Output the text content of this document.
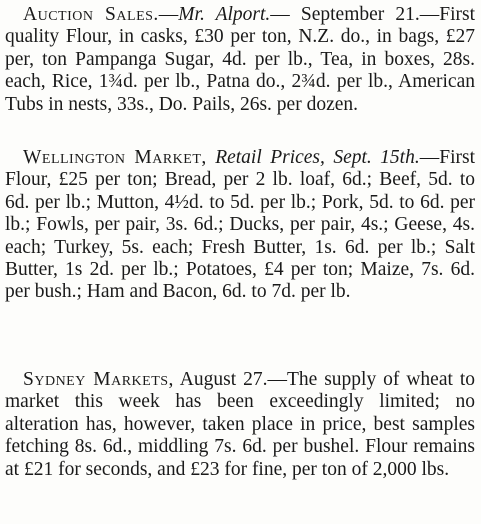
Auction Sales.—Mr. Alport.— September 21.—First quality Flour, in casks, £30 per ton, N.Z. do., in bags, £27 per, ton Pampanga Sugar, 4d. per lb., Tea, in boxes, 28s. each, Rice, 1¾d. per lb., Patna do., 2¾d. per lb., American Tubs in nests, 33s., Do. Pails, 26s. per dozen.

Wellington Market, Retail Prices, Sept. 15th.—First Flour, £25 per ton; Bread, per 2 lb. loaf, 6d.; Beef, 5d. to 6d. per lb.; Mutton, 4½d. to 5d. per lb.; Pork, 5d. to 6d. per lb.; Fowls, per pair, 3s. 6d.; Ducks, per pair, 4s.; Geese, 4s. each; Turkey, 5s. each; Fresh Butter, 1s. 6d. per lb.; Salt Butter, 1s 2d. per lb.; Potatoes, £4 per ton; Maize, 7s. 6d. per bush.; Ham and Bacon, 6d. to 7d. per lb.

Sydney Markets, August 27.—The supply of wheat to market this week has been exceedingly limited; no alteration has, however, taken place in price, best samples fetching 8s. 6d., middling 7s. 6d. per bushel. Flour remains at £21 for seconds, and £23 for fine, per ton of 2,000 lbs.
